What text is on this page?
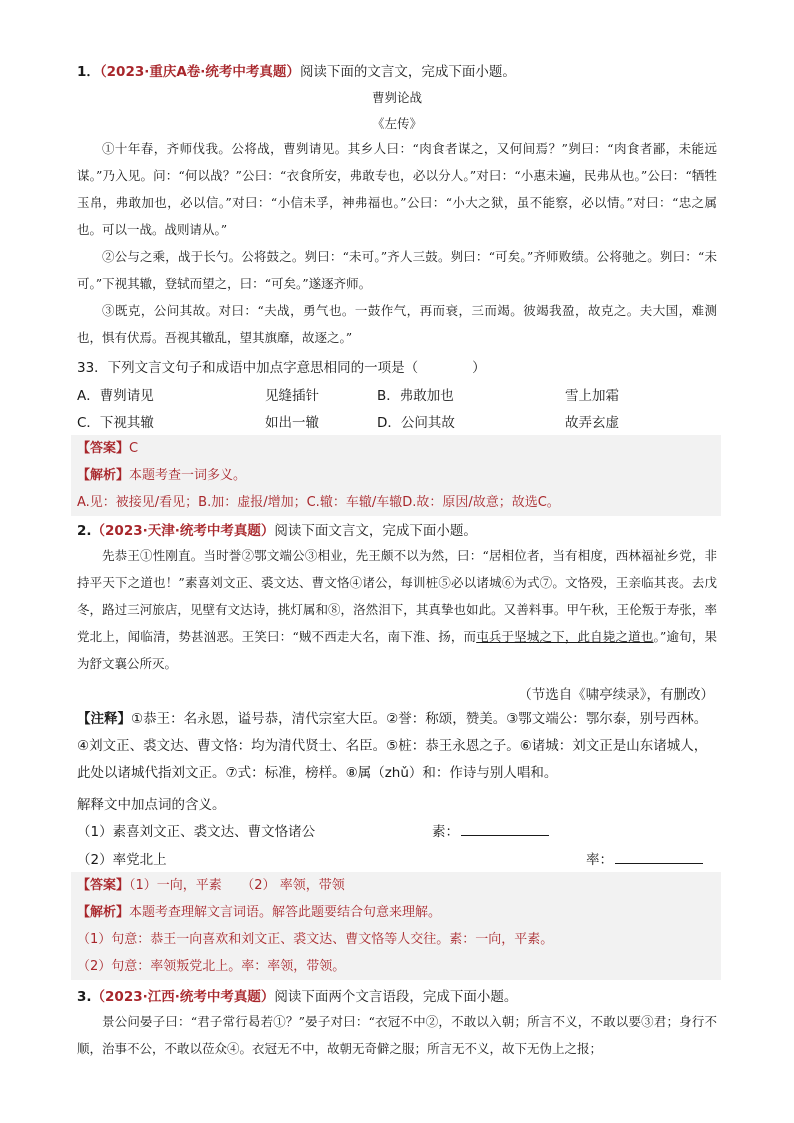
1．（2023·重庆A卷·统考中考真题）阅读下面的文言文，完成下面小题。
曹刿论战
《左传》

①十年春，齐师伐我。公将战，曹刿请见。其乡人曰：“肉食者谋之，又何间焉？”刿曰：“肉食者鄙，未能远谋。”乃入见。问：“何以战？”公曰：“衣食所安，弗敢专也，必以分人。”对曰：“小惠未遍，民弗从也。”公曰：“牺牲玉帛，弗敢加也，必以信。”对曰：“小信未孚，神弗福也。”公曰：“小大之狱，虽不能察，必以情。”对曰：“忠之属也。可以一战。战则请从。”

②公与之乘，战于长勺。公将鼓之。刿曰：“未可。”齐人三鼓。刿曰：“可矣。”齐师败绩。公将驰之。刿曰：“未可。”下视其辙，登轼而望之，曰：“可矣。”遂逐齐师。

③既克，公问其故。对曰：“夫战，勇气也。一鼓作气，再而衰，三而竭。彼竭我盈，故克之。夫大国，难测也，惧有伏焉。吾视其辙乱，望其旗靡，故逐之。”

33．下列文言文句子和成语中加点字意思相同的一项是（　　　　）
A．曹刿请见	见缝插针	B．弗敢加也	雪上加霜
C．下视其辙	如出一辙	D．公问其故	故弄玄虚
【答案】C
【解析】本题考查一词多义。
A.见：被接见/看见；B.加：虚报/增加；C.辙：车辙/车辙D.故：原因/故意；故选C。
2.（2023·天津·统考中考真题）阅读下面文言文，完成下面小题。

先恭王①性刚直。当时誉②鄂文端公③相业，先王颇不以为然，曰：“居相位者，当有相度，西林福祉乡党，非持平天下之道也！”素喜刘文正、裘文达、曹文恪④诸公，每训桩⑤必以诸城⑥为式⑦。文恪殁，王亲临其丧。去戊冬，路过三河旅店，见壁有文达诗，挑灯属和⑧，洛然泪下，其真挚也如此。又善料事。甲午秋，王伦叛于寿张，率党北上，闻临清，势甚汹恶。王笑曰：“贼不西走大名，南下淮、扬，而屯兵于坚城之下，此自毙之道也。”逾旬，果为舒文襄公所灭。

（节选自《啸亭续录》，有删改）
【注释】①恭王：名永恩，谥号恭，清代宗室大臣。②誉：称颂，赞美。③鄂文端公：鄂尔泰，别号西林。④刘文正、裘文达、曹文恪：均为清代贤士、名臣。⑤桩：恭王永恩之子。⑥诸城：刘文正是山东诸城人，此处以诸城代指刘文正。⑦式：标准，榜样。⑧属（zhǔ）和：作诗与别人唱和。
解释文中加点词的含义。
（1）素喜刘文正、裘文达、曹文恪诸公	素：
（2）率党北上	率：
【答案】（1）一向，平素　　（2） 率领，带领
【解析】本题考查理解文言词语。解答此题要结合句意来理解。
（1）句意：恭王一向喜欢和刘文正、裘文达、曹文恪等人交往。素：一向，平素。
（2）句意：率领叛党北上。率：率领，带领。
3.（2023·江西·统考中考真题）阅读下面两个文言语段，完成下面小题。

景公问晏子曰：“君子常行曷若①？”晏子对曰：“衣冠不中②，不敢以入朝；所言不义，不敢以要③君；身行不顺，治事不公，不敢以莅众④。衣冠无不中，故朝无奇僻之服；所言无不义，故下无伪上之报；
